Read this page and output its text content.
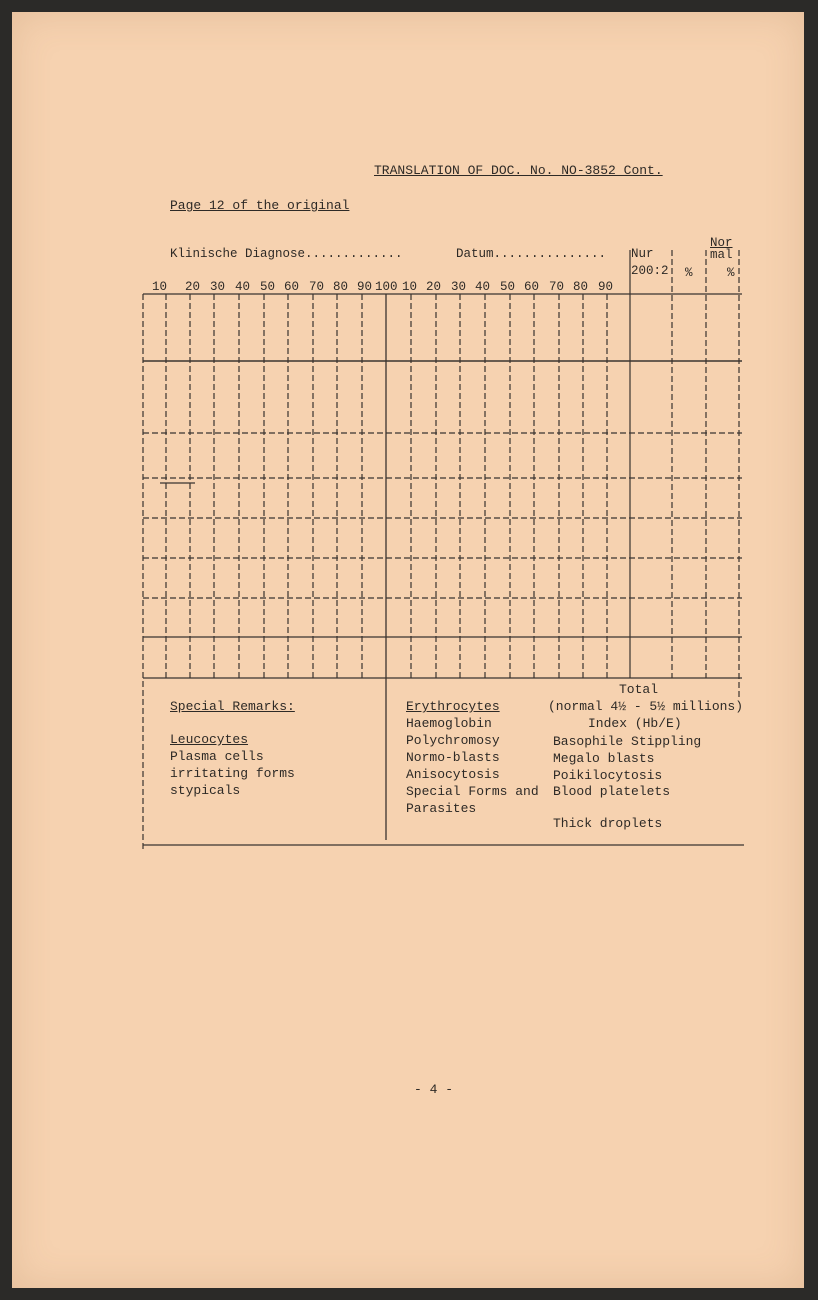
TRANSLATION OF DOC. No. NO-3852 Cont.
Page 12 of the original
Klinische Diagnose.............	Datum............... Nur
200:2
Nor
mal
%	%
10 20 30 40 50 60 70 80 90 100 10 20 30 40 50 60 70 80 90
Special Remarks:
Leucocytes
Plasma cells
irritating forms
stypicals
Erythrocytes
Haemoglobin
Polychromosy
Normo-blasts
Anisocytosis
Special Forms and
Parasites
Total
(normal 4½ - 5½ millions)
Index (Hb/E)
Basophile Stippling
Megalo blasts
Poikilocytosis
Blood platelets
Thick droplets
- 4 -
